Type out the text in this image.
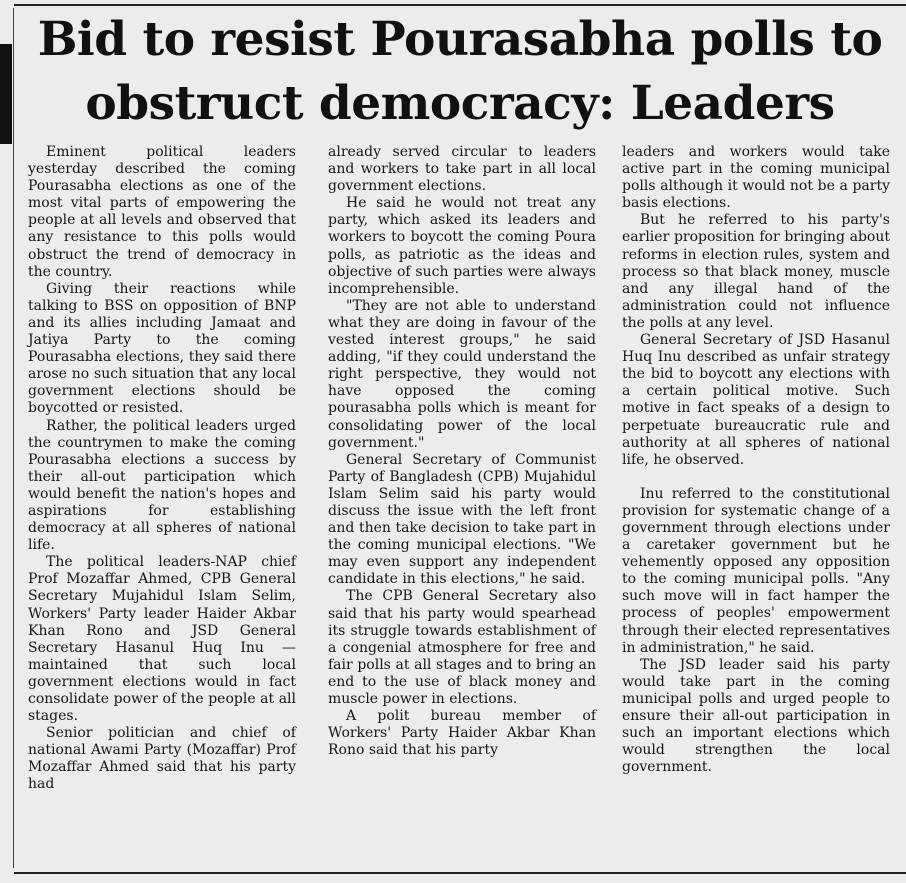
Bid to resist Pourasabha polls to obstruct democracy: Leaders

Eminent political leaders yesterday described the coming Pourasabha elections as one of the most vital parts of empowering the people at all levels and observed that any resistance to this polls would obstruct the trend of democracy in the country.

Giving their reactions while talking to BSS on opposition of BNP and its allies including Jamaat and Jatiya Party to the coming Pourasabha elections, they said there arose no such situation that any local government elections should be boycotted or resisted.

Rather, the political leaders urged the countrymen to make the coming Pourasabha elections a success by their all-out participation which would benefit the nation's hopes and aspirations for establishing democracy at all spheres of national life.

The political leaders-NAP chief Prof Mozaffar Ahmed, CPB General Secretary Mujahidul Islam Selim, Workers' Party leader Haider Akbar Khan Rono and JSD General Secretary Hasanul Huq Inu — maintained that such local government elections would in fact consolidate power of the people at all stages.

Senior politician and chief of national Awami Party (Mozaffar) Prof Mozaffar Ahmed said that his party had

already served circular to leaders and workers to take part in all local government elections.

He said he would not treat any party, which asked its leaders and workers to boycott the coming Poura polls, as patriotic as the ideas and objective of such parties were always incomprehensible.

"They are not able to understand what they are doing in favour of the vested interest groups," he said adding, "if they could understand the right perspective, they would not have opposed the coming pourasabha polls which is meant for consolidating power of the local government."

General Secretary of Communist Party of Bangladesh (CPB) Mujahidul Islam Selim said his party would discuss the issue with the left front and then take decision to take part in the coming municipal elections. "We may even support any independent candidate in this elections," he said.

The CPB General Secretary also said that his party would spearhead its struggle towards establishment of a congenial atmosphere for free and fair polls at all stages and to bring an end to the use of black money and muscle power in elections.

A polit bureau member of Workers' Party Haider Akbar Khan Rono said that his party

leaders and workers would take active part in the coming municipal polls although it would not be a party basis elections.

But he referred to his party's earlier proposition for bringing about reforms in election rules, system and process so that black money, muscle and any illegal hand of the administration could not influence the polls at any level.

General Secretary of JSD Hasanul Huq Inu described as unfair strategy the bid to boycott any elections with a certain political motive. Such motive in fact speaks of a design to perpetuate bureaucratic rule and authority at all spheres of national life, he observed.

Inu referred to the constitutional provision for systematic change of a government through elections under a caretaker government but he vehemently opposed any opposition to the coming municipal polls. "Any such move will in fact hamper the process of peoples' empowerment through their elected representatives in administration," he said.

The JSD leader said his party would take part in the coming municipal polls and urged people to ensure their all-out participation in such an important elections which would strengthen the local government.
